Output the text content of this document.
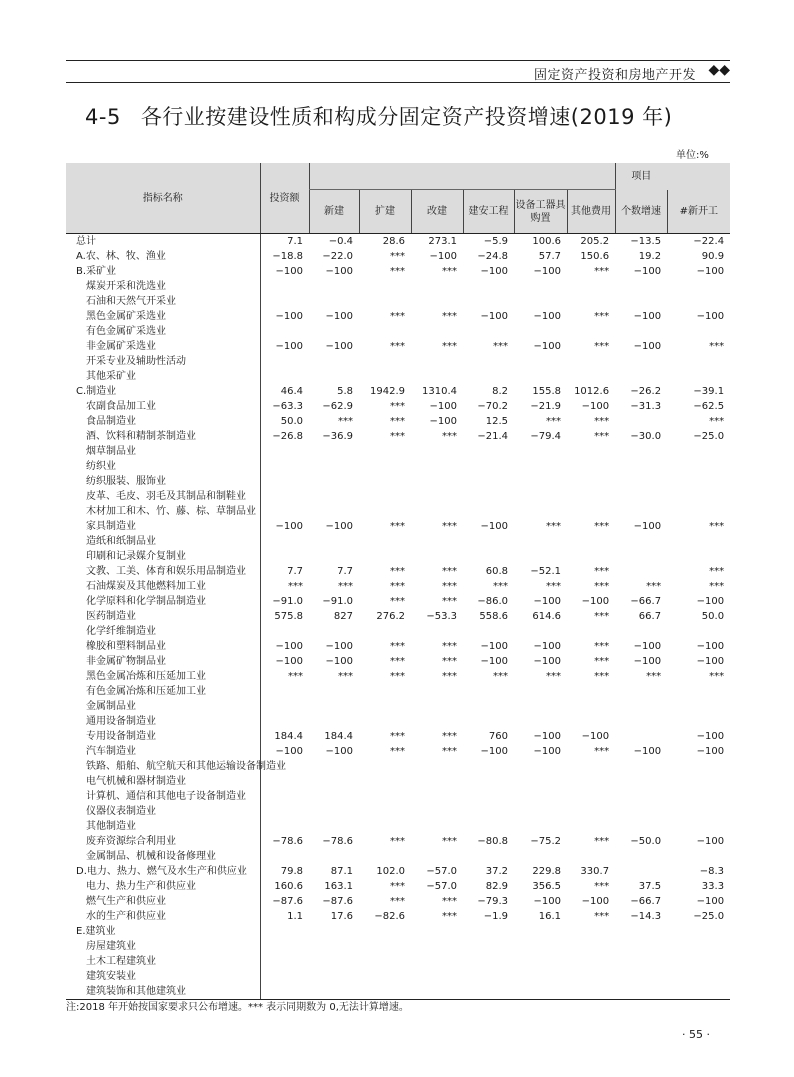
固定资产投资和房地产开发 ◆◆
4-5 各行业按建设性质和构成分固定资产投资增速(2019 年)
单位:%
指标名称	投资额							项目	
		新建	扩建	改建	建安工程	设备工器具购置	其他费用	个数增速	#新开工
总计	7.1	−0.4	28.6	273.1	−5.9	100.6	205.2	−13.5	−22.4
A.农、林、牧、渔业	−18.8	−22.0	***	−100	−24.8	57.7	150.6	19.2	90.9
B.采矿业	−100	−100	***	***	−100	−100	***	−100	−100
煤炭开采和洗选业									
石油和天然气开采业									
黑色金属矿采选业	−100	−100	***	***	−100	−100	***	−100	−100
有色金属矿采选业									
非金属矿采选业	−100	−100	***	***	***	−100	***	−100	***
开采专业及辅助性活动									
其他采矿业									
C.制造业	46.4	5.8	1942.9	1310.4	8.2	155.8	1012.6	−26.2	−39.1
农副食品加工业	−63.3	−62.9	***	−100	−70.2	−21.9	−100	−31.3	−62.5
食品制造业	50.0	***	***	−100	12.5	***	***		***
酒、饮料和精制茶制造业	−26.8	−36.9	***	***	−21.4	−79.4	***	−30.0	−25.0
烟草制品业									
纺织业									
纺织服装、服饰业									
皮革、毛皮、羽毛及其制品和制鞋业									
木材加工和木、竹、藤、棕、草制品业									
家具制造业	−100	−100	***	***	−100	***	***	−100	***
造纸和纸制品业									
印刷和记录媒介复制业									
文教、工美、体育和娱乐用品制造业	7.7	7.7	***	***	60.8	−52.1	***		***
石油煤炭及其他燃料加工业	***	***	***	***	***	***	***	***	***
化学原料和化学制品制造业	−91.0	−91.0	***	***	−86.0	−100	−100	−66.7	−100
医药制造业	575.8	827	276.2	−53.3	558.6	614.6	***	66.7	50.0
化学纤维制造业									
橡胶和塑料制品业	−100	−100	***	***	−100	−100	***	−100	−100
非金属矿物制品业	−100	−100	***	***	−100	−100	***	−100	−100
黑色金属冶炼和压延加工业	***	***	***	***	***	***	***	***	***
有色金属冶炼和压延加工业									
金属制品业									
通用设备制造业									
专用设备制造业	184.4	184.4	***	***	760	−100	−100		−100
汽车制造业	−100	−100	***	***	−100	−100	***	−100	−100
铁路、船舶、航空航天和其他运输设备制造业									
电气机械和器材制造业									
计算机、通信和其他电子设备制造业									
仪器仪表制造业									
其他制造业									
废弃资源综合利用业	−78.6	−78.6	***	***	−80.8	−75.2	***	−50.0	−100
金属制品、机械和设备修理业									
D.电力、热力、燃气及水生产和供应业	79.8	87.1	102.0	−57.0	37.2	229.8	330.7		−8.3
电力、热力生产和供应业	160.6	163.1	***	−57.0	82.9	356.5	***	37.5	33.3
燃气生产和供应业	−87.6	−87.6	***	***	−79.3	−100	−100	−66.7	−100
水的生产和供应业	1.1	17.6	−82.6	***	−1.9	16.1	***	−14.3	−25.0
E.建筑业									
房屋建筑业									
土木工程建筑业									
建筑安装业									
建筑装饰和其他建筑业									
注:2018 年开始按国家要求只公布增速。*** 表示同期数为 0,无法计算增速。
· 55 ·
